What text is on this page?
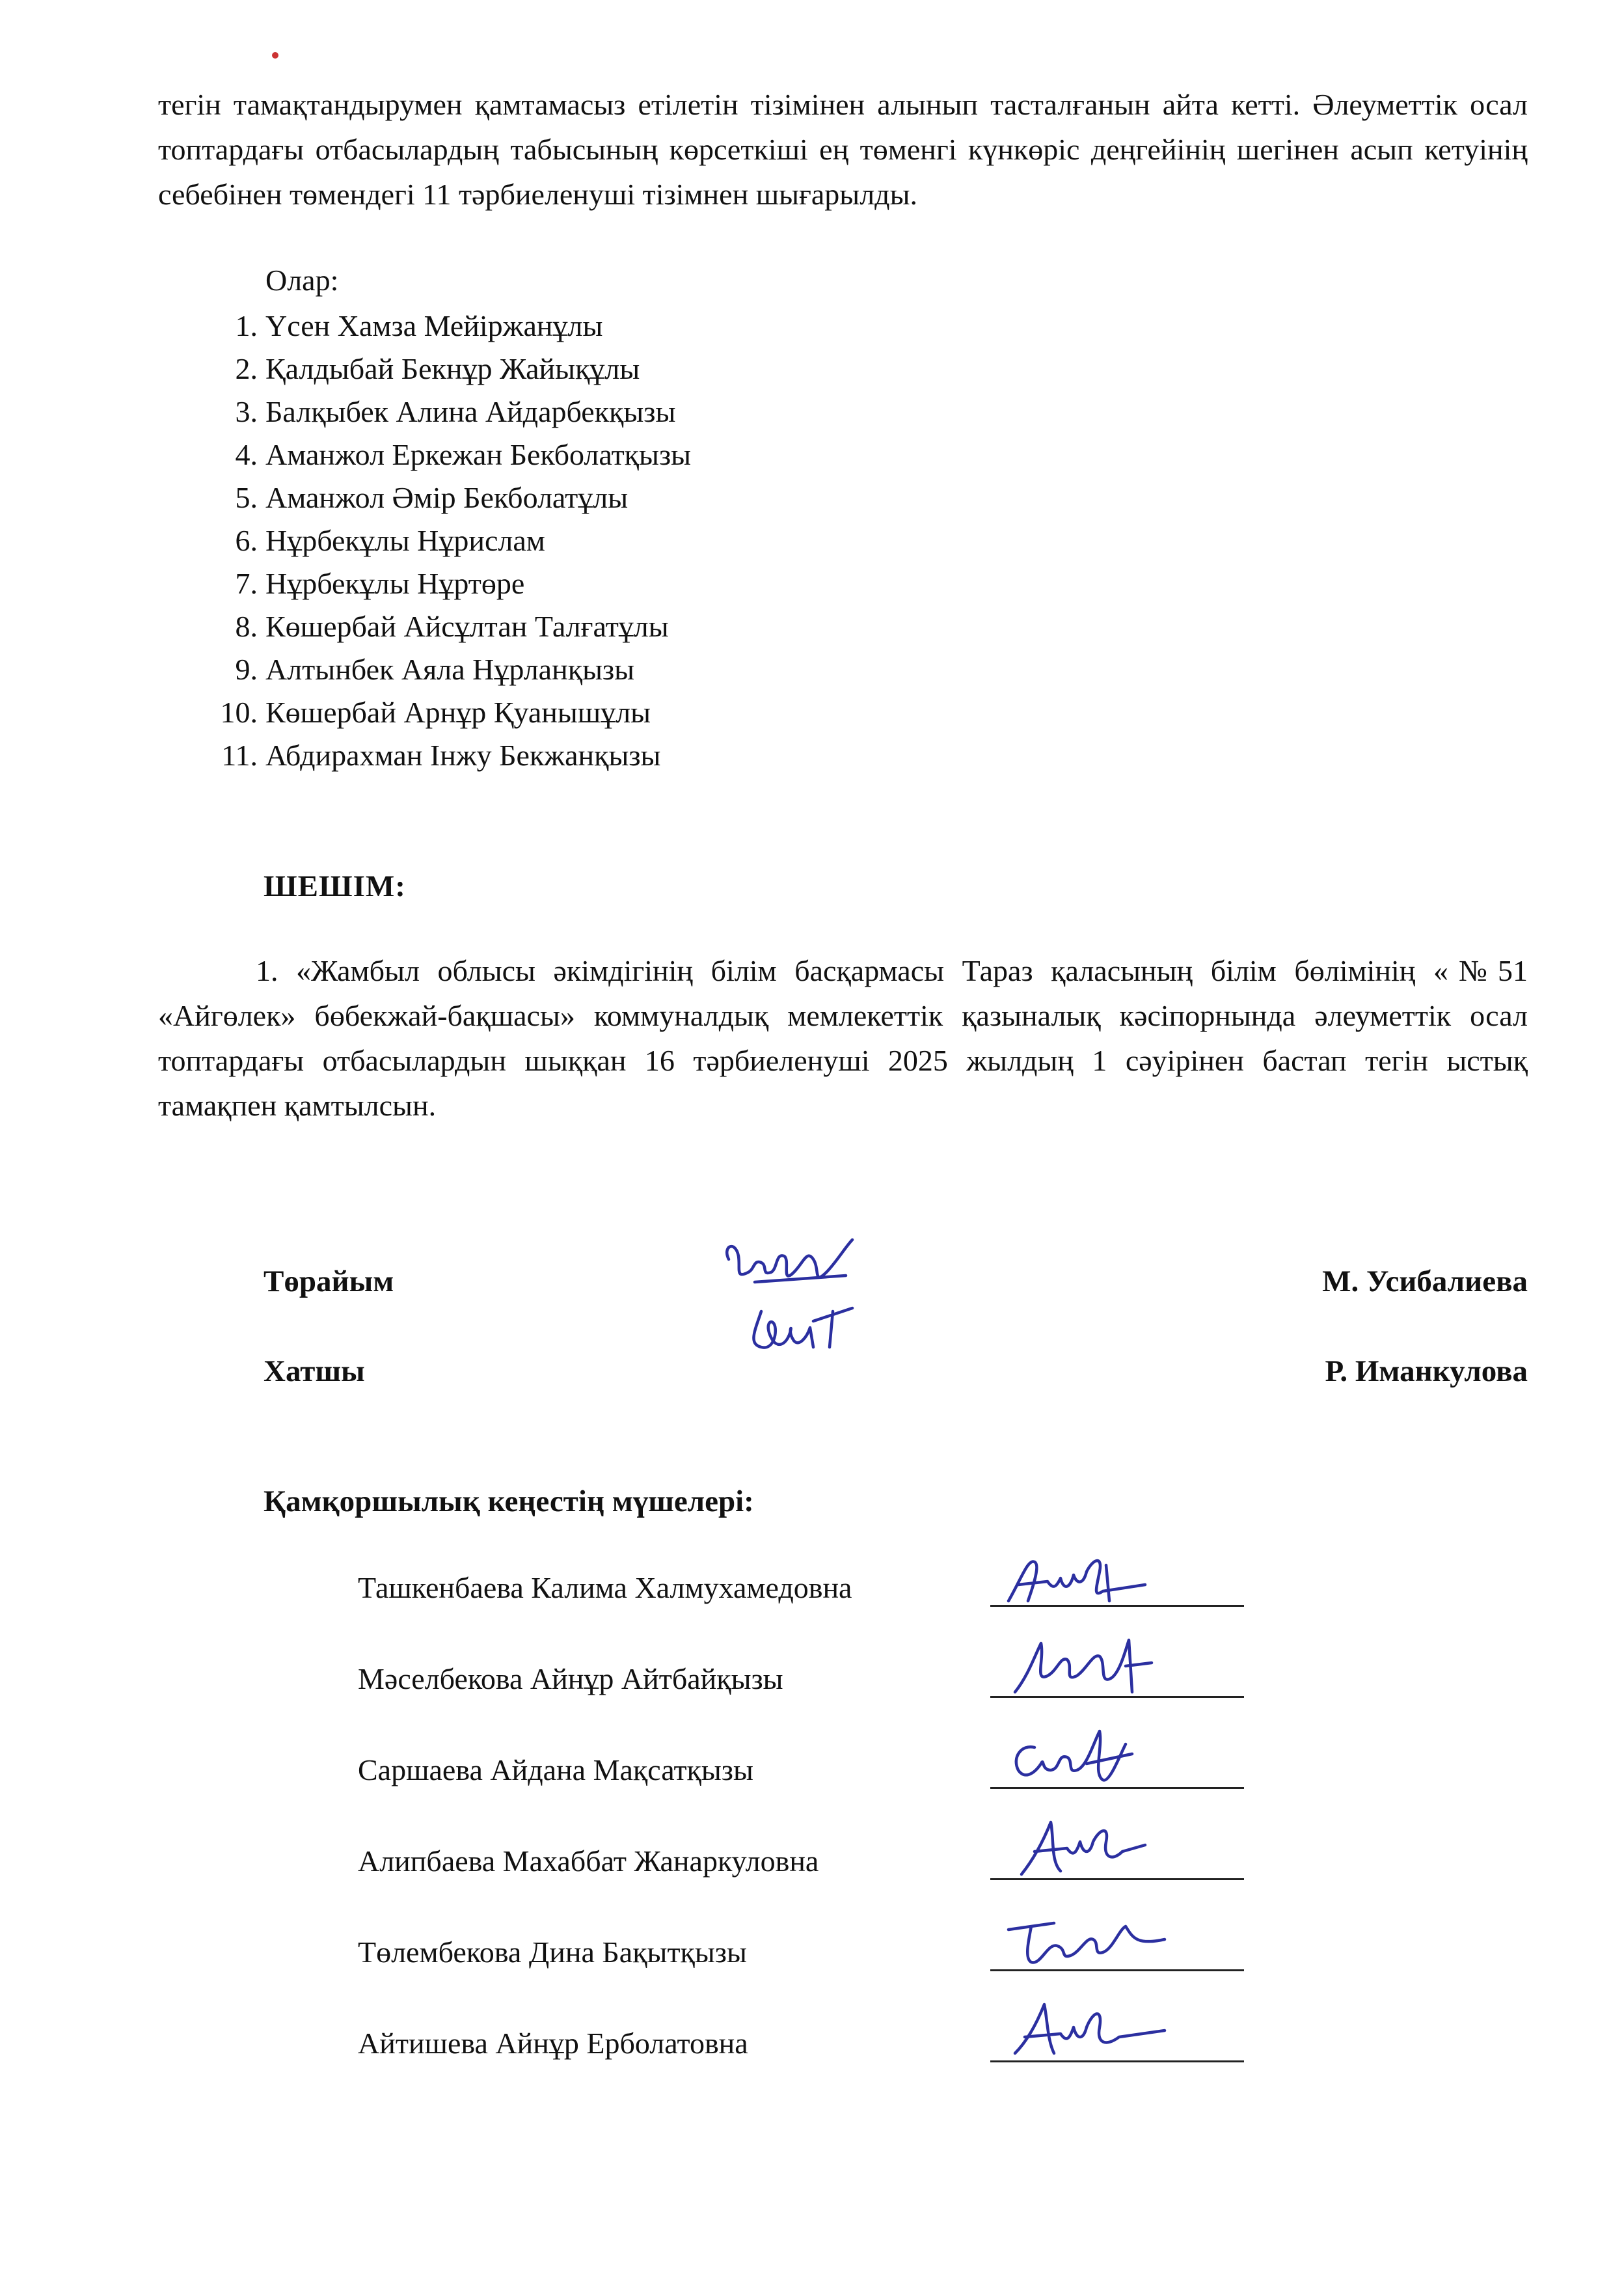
тегін тамақтандырумен қамтамасыз етілетін тізімінен алынып тасталғанын айта кетті. Әлеуметтік осал топтардағы отбасылардың табысының көрсеткіші ең төменгі күнкөріс деңгейінің шегінен асып кетуінің себебінен төмендегі 11 тәрбиеленуші тізімнен шығарылды.

Олар:
1. Үсен Хамза Мейіржанұлы
2. Қалдыбай Бекнұр Жайықұлы
3. Балқыбек Алина Айдарбекқызы
4. Аманжол Еркежан Бекболатқызы
5. Аманжол Әмір Бекболатұлы
6. Нұрбекұлы Нұрислам
7. Нұрбекұлы Нұртөре
8. Көшербай Айсұлтан Талғатұлы
9. Алтынбек Аяла Нұрланқызы
10. Көшербай Арнұр Қуанышұлы
11. Абдирахман Інжу Бекжанқызы
ШЕШІМ:

1. «Жамбыл облысы әкімдігінің білім басқармасы Тараз қаласының білім бөлімінің «№51 «Айгөлек» бөбекжай-бақшасы» коммуналдық мемлекеттік қазыналық кәсіпорнында әлеуметтік осал топтардағы отбасылардын шыққан 16 тәрбиеленуші 2025 жылдың 1 сәуірінен бастап тегін ыстық тамақпен қамтылсын.

Төрайым	М. Усибалиева
Хатшы	Р. Иманкулова
Қамқоршылық кеңестің мүшелері:
Ташкенбаева Калима Халмухамедовна
Мәселбекова Айнұр Айтбайқызы
Саршаева Айдана Мақсатқызы
Алипбаева Махаббат Жанаркуловна
Төлембекова Дина Бақытқызы
Айтишева Айнұр Ерболатовна
